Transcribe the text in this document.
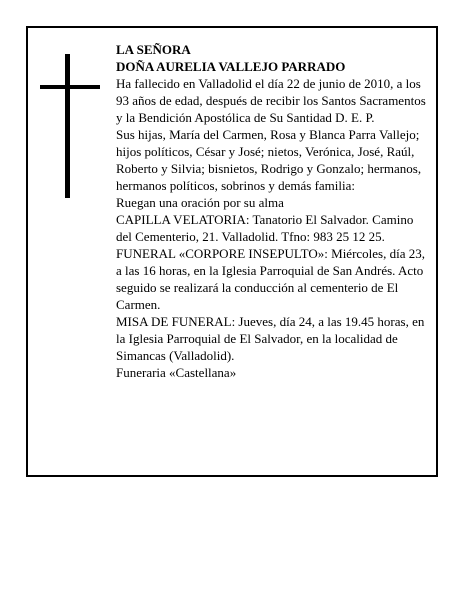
LA SEÑORA

DOÑA AURELIA VALLEJO PARRADO

Ha fallecido en Valladolid el día 22 de junio de 2010, a los 93 años de edad, después de recibir los Santos Sacramentos y la Bendición Apostólica de Su Santidad D. E. P.

Sus hijas, María del Carmen, Rosa y Blanca Parra Vallejo; hijos políticos, César y José; nietos, Verónica, José, Raúl, Roberto y Silvia; bisnietos, Rodrigo y Gonzalo; hermanos, hermanos políticos, sobrinos y demás familia:

Ruegan una oración por su alma

CAPILLA VELATORIA: Tanatorio El Salvador. Camino del Cementerio, 21. Valladolid. Tfno: 983 25 12 25.

FUNERAL «CORPORE INSEPULTO»: Miércoles, día 23, a las 16 horas, en la Iglesia Parroquial de San Andrés. Acto seguido se realizará la conducción al cementerio de El Carmen.

MISA DE FUNERAL: Jueves, día 24, a las 19.45 horas, en la Iglesia Parroquial de El Salvador, en la localidad de Simancas (Valladolid).

Funeraria «Castellana»
